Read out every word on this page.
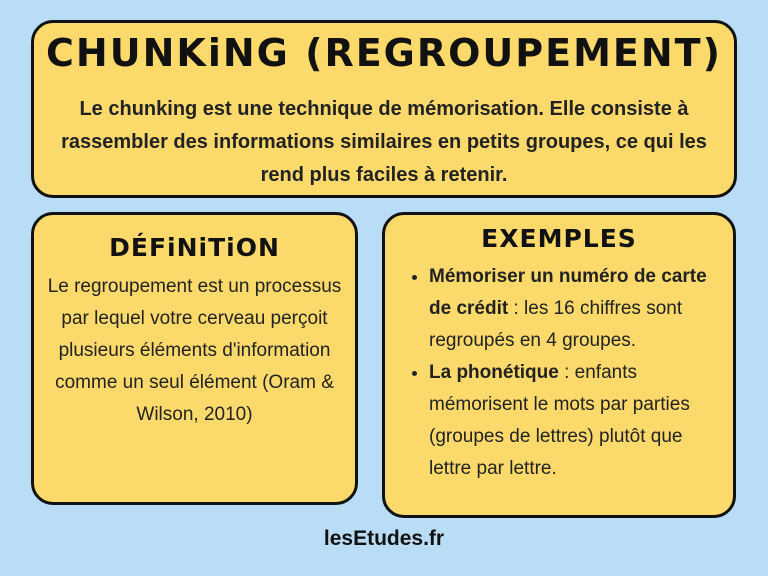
CHUNKiNG (REGROUPEMENT)
Le chunking est une technique de mémorisation. Elle consiste à rassembler des informations similaires en petits groupes, ce qui les rend plus faciles à retenir.
DÉFiNiTiON
Le regroupement est un processus par lequel votre cerveau perçoit plusieurs éléments d'information comme un seul élément (Oram & Wilson, 2010)
EXEMPLES
• Mémoriser un numéro de carte de crédit : les 16 chiffres sont regroupés en 4 groupes.
• La phonétique : enfants mémorisent le mots par parties (groupes de lettres) plutôt que lettre par lettre.
lesEtudes.fr
